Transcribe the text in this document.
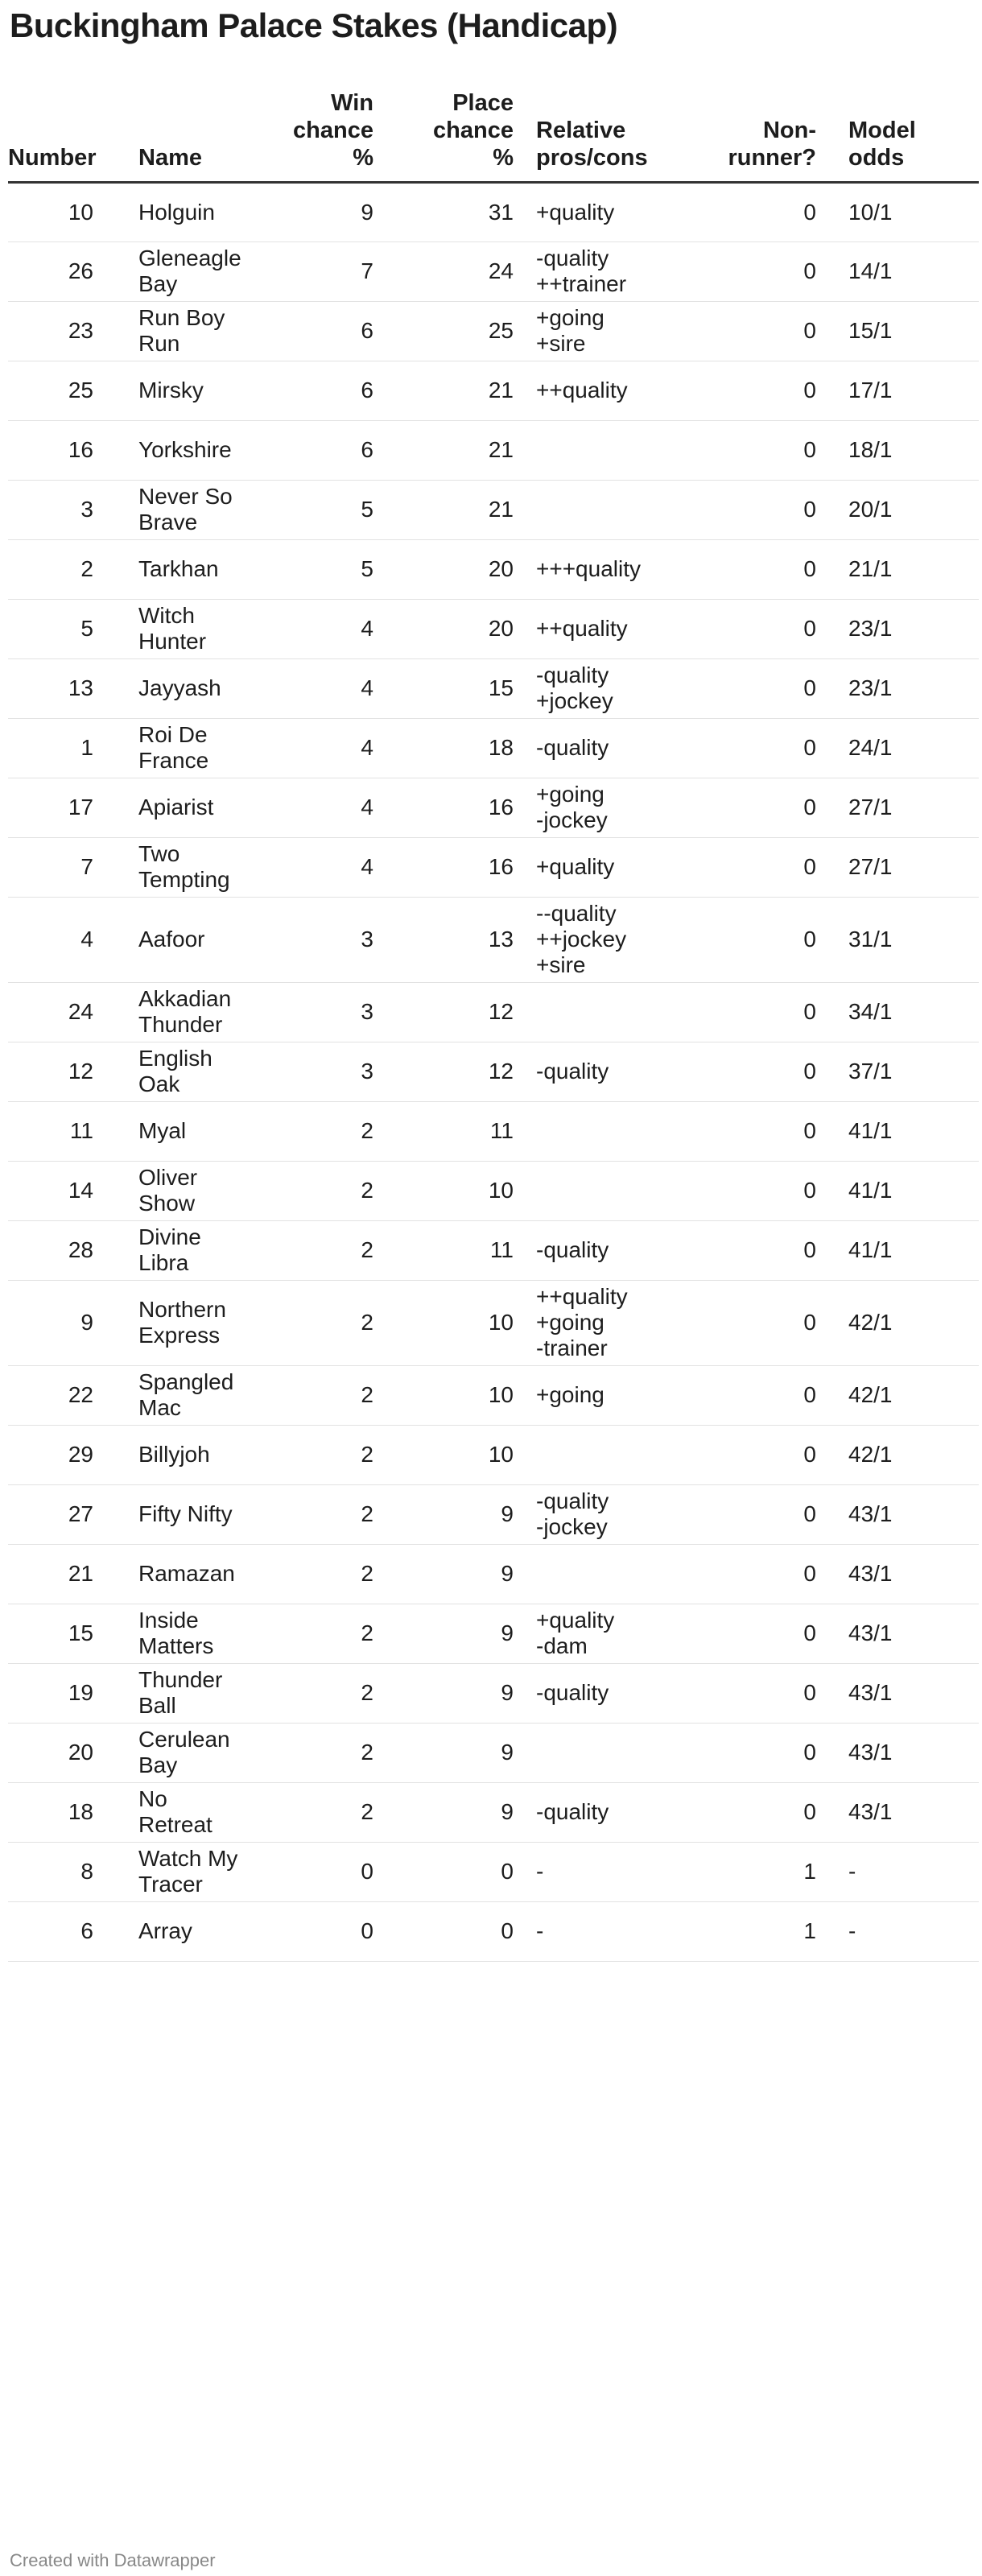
Buckingham Palace Stakes (Handicap)
Number	Name	Win
chance
%	Place
chance
%	Relative
pros/cons	Non-
runner?	Model
odds
10	Holguin	9	31	+quality	0	10/1
26	Gleneagle
Bay	7	24	-quality
++trainer	0	14/1
23	Run Boy
Run	6	25	+going
+sire	0	15/1
25	Mirsky	6	21	++quality	0	17/1
16	Yorkshire	6	21		0	18/1
3	Never So
Brave	5	21		0	20/1
2	Tarkhan	5	20	+++quality	0	21/1
5	Witch
Hunter	4	20	++quality	0	23/1
13	Jayyash	4	15	-quality
+jockey	0	23/1
1	Roi De
France	4	18	-quality	0	24/1
17	Apiarist	4	16	+going
-jockey	0	27/1
7	Two
Tempting	4	16	+quality	0	27/1
4	Aafoor	3	13	--quality
++jockey
+sire	0	31/1
24	Akkadian
Thunder	3	12		0	34/1
12	English
Oak	3	12	-quality	0	37/1
11	Myal	2	11		0	41/1
14	Oliver
Show	2	10		0	41/1
28	Divine
Libra	2	11	-quality	0	41/1
9	Northern
Express	2	10	++quality
+going
-trainer	0	42/1
22	Spangled
Mac	2	10	+going	0	42/1
29	Billyjoh	2	10		0	42/1
27	Fifty Nifty	2	9	-quality
-jockey	0	43/1
21	Ramazan	2	9		0	43/1
15	Inside
Matters	2	9	+quality
-dam	0	43/1
19	Thunder
Ball	2	9	-quality	0	43/1
20	Cerulean
Bay	2	9		0	43/1
18	No
Retreat	2	9	-quality	0	43/1
8	Watch My
Tracer	0	0	-	1	-
6	Array	0	0	-	1	-
Created with Datawrapper
